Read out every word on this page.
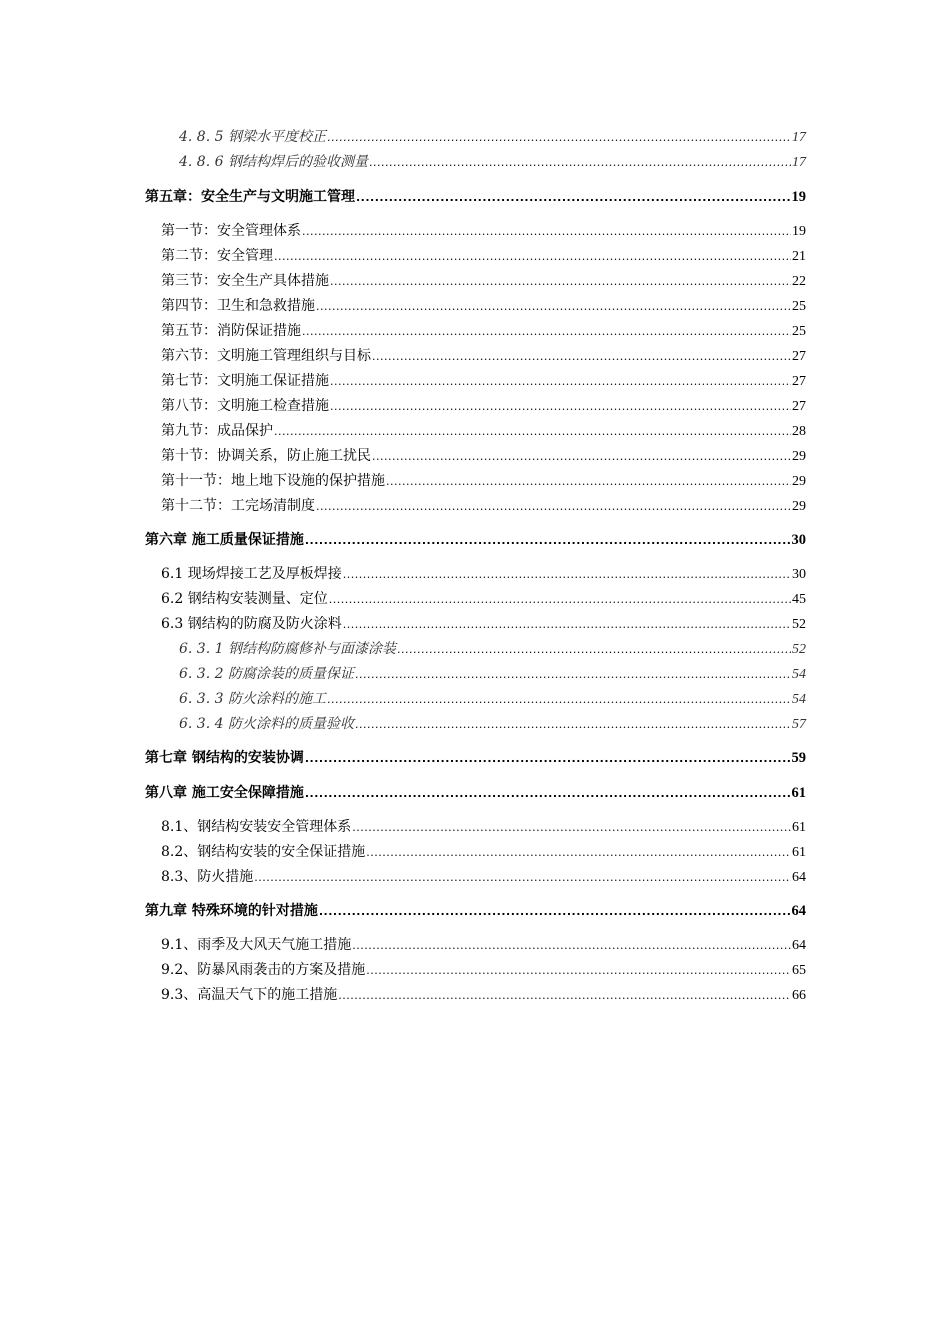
4. 8. 5 钢梁水平度校正 .....	17
4. 8. 6 钢结构焊后的验收测量 .....	17
第五章：安全生产与文明施工管理 .....	19
第一节：安全管理体系 .....	19
第二节：安全管理 .....	21
第三节：安全生产具体措施 .....	22
第四节：卫生和急救措施 .....	25
第五节：消防保证措施 .....	25
第六节：文明施工管理组织与目标 .....	27
第七节：文明施工保证措施 .....	27
第八节：文明施工检查措施 .....	27
第九节：成品保护 .....	28
第十节：协调关系，防止施工扰民 .....	29
第十一节：地上地下设施的保护措施 .....	29
第十二节：工完场清制度 .....	29
第六章 施工质量保证措施 .....	30
6.1 现场焊接工艺及厚板焊接 .....	30
6.2 钢结构安装测量、定位 .....	45
6.3 钢结构的防腐及防火涂料 .....	52
6. 3. 1 钢结构防腐修补与面漆涂装 .....	52
6. 3. 2 防腐涂装的质量保证 .....	54
6. 3. 3 防火涂料的施工 .....	54
6. 3. 4 防火涂料的质量验收 .....	57
第七章 钢结构的安装协调 .....	59
第八章 施工安全保障措施 .....	61
8.1、钢结构安装安全管理体系 .....	61
8.2、钢结构安装的安全保证措施 .....	61
8.3、防火措施 .....	64
第九章 特殊环境的针对措施 .....	64
9.1、雨季及大风天气施工措施 .....	64
9.2、防暴风雨袭击的方案及措施 .....	65
9.3、高温天气下的施工措施 .....	66
